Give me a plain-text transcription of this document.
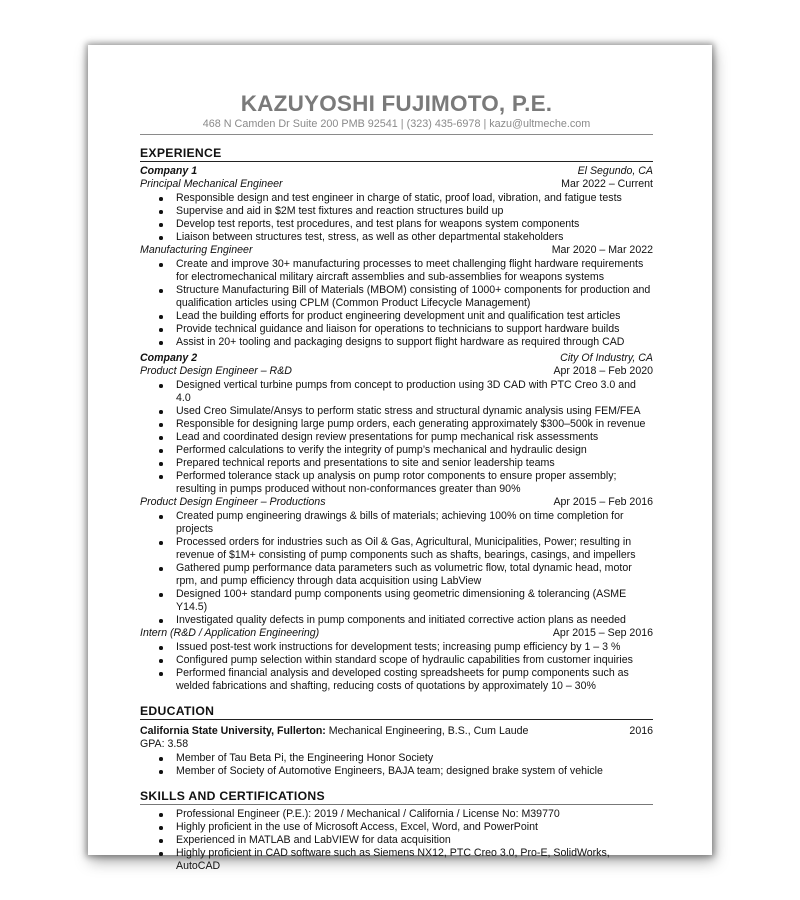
KAZUYOSHI FUJIMOTO, P.E.
468 N Camden Dr Suite 200 PMB 92541 | (323) 435-6978 | kazu@ultmeche.com
EXPERIENCE
Company 1	El Segundo, CA
Principal Mechanical Engineer	Mar 2022 – Current
Responsible design and test engineer in charge of static, proof load, vibration, and fatigue tests
Supervise and aid in $2M test fixtures and reaction structures build up
Develop test reports, test procedures, and test plans for weapons system components
Liaison between structures test, stress, as well as other departmental stakeholders
Manufacturing Engineer	Mar 2020 – Mar 2022
Create and improve 30+ manufacturing processes to meet challenging flight hardware requirements for electromechanical military aircraft assemblies and sub-assemblies for weapons systems
Structure Manufacturing Bill of Materials (MBOM) consisting of 1000+ components for production and qualification articles using CPLM (Common Product Lifecycle Management)
Lead the building efforts for product engineering development unit and qualification test articles
Provide technical guidance and liaison for operations to technicians to support hardware builds
Assist in 20+ tooling and packaging designs to support flight hardware as required through CAD
Company 2	City Of Industry, CA
Product Design Engineer – R&D	Apr 2018 – Feb 2020
Designed vertical turbine pumps from concept to production using 3D CAD with PTC Creo 3.0 and 4.0
Used Creo Simulate/Ansys to perform static stress and structural dynamic analysis using FEM/FEA
Responsible for designing large pump orders, each generating approximately $300–500k in revenue
Lead and coordinated design review presentations for pump mechanical risk assessments
Performed calculations to verify the integrity of pump’s mechanical and hydraulic design
Prepared technical reports and presentations to site and senior leadership teams
Performed tolerance stack up analysis on pump rotor components to ensure proper assembly; resulting in pumps produced without non-conformances greater than 90%
Product Design Engineer – Productions	Apr 2015 – Feb 2016
Created pump engineering drawings & bills of materials; achieving 100% on time completion for projects
Processed orders for industries such as Oil & Gas, Agricultural, Municipalities, Power; resulting in revenue of $1M+ consisting of pump components such as shafts, bearings, casings, and impellers
Gathered pump performance data parameters such as volumetric flow, total dynamic head, motor rpm, and pump efficiency through data acquisition using LabView
Designed 100+ standard pump components using geometric dimensioning & tolerancing (ASME Y14.5)
Investigated quality defects in pump components and initiated corrective action plans as needed
Intern (R&D / Application Engineering)	Apr 2015 – Sep 2016
Issued post-test work instructions for development tests; increasing pump efficiency by 1 – 3 %
Configured pump selection within standard scope of hydraulic capabilities from customer inquiries
Performed financial analysis and developed costing spreadsheets for pump components such as welded fabrications and shafting, reducing costs of quotations by approximately 10 – 30%
EDUCATION
California State University, Fullerton: Mechanical Engineering, B.S., Cum Laude	2016
GPA: 3.58
Member of Tau Beta Pi, the Engineering Honor Society
Member of Society of Automotive Engineers, BAJA team; designed brake system of vehicle
SKILLS AND CERTIFICATIONS
Professional Engineer (P.E.): 2019 / Mechanical / California / License No: M39770
Highly proficient in the use of Microsoft Access, Excel, Word, and PowerPoint
Experienced in MATLAB and LabVIEW for data acquisition
Highly proficient in CAD software such as Siemens NX12, PTC Creo 3.0, Pro-E, SolidWorks, AutoCAD
